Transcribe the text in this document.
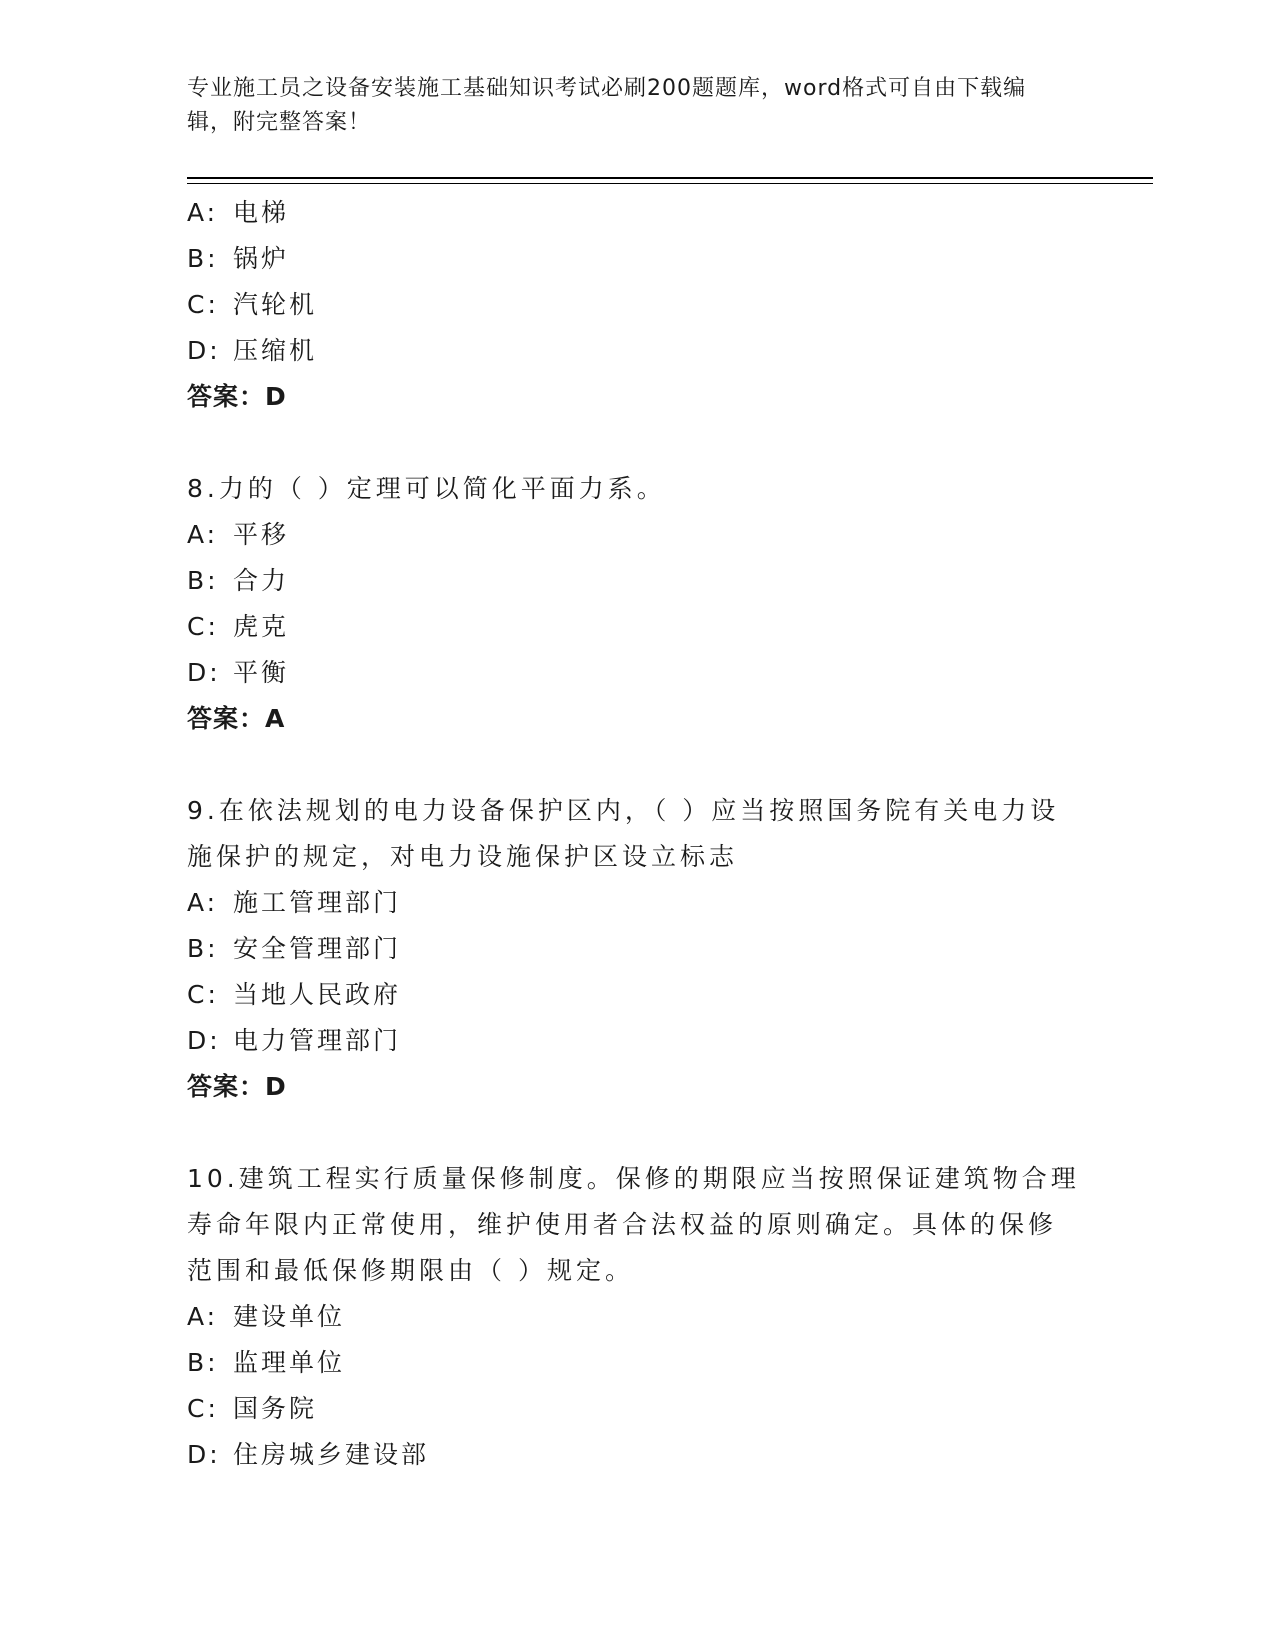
专业施工员之设备安装施工基础知识考试必刷200题题库，word格式可自由下载编辑，附完整答案！
A: 电梯
B: 锅炉
C: 汽轮机
D: 压缩机
答案：D
8.力的（ ）定理可以简化平面力系。
A: 平移
B: 合力
C: 虎克
D: 平衡
答案：A
9.在依法规划的电力设备保护区内，（ ）应当按照国务院有关电力设
施保护的规定，对电力设施保护区设立标志
A: 施工管理部门
B: 安全管理部门
C: 当地人民政府
D: 电力管理部门
答案：D
10.建筑工程实行质量保修制度。保修的期限应当按照保证建筑物合理
寿命年限内正常使用，维护使用者合法权益的原则确定。具体的保修
范围和最低保修期限由（ ）规定。
A: 建设单位
B: 监理单位
C: 国务院
D: 住房城乡建设部
